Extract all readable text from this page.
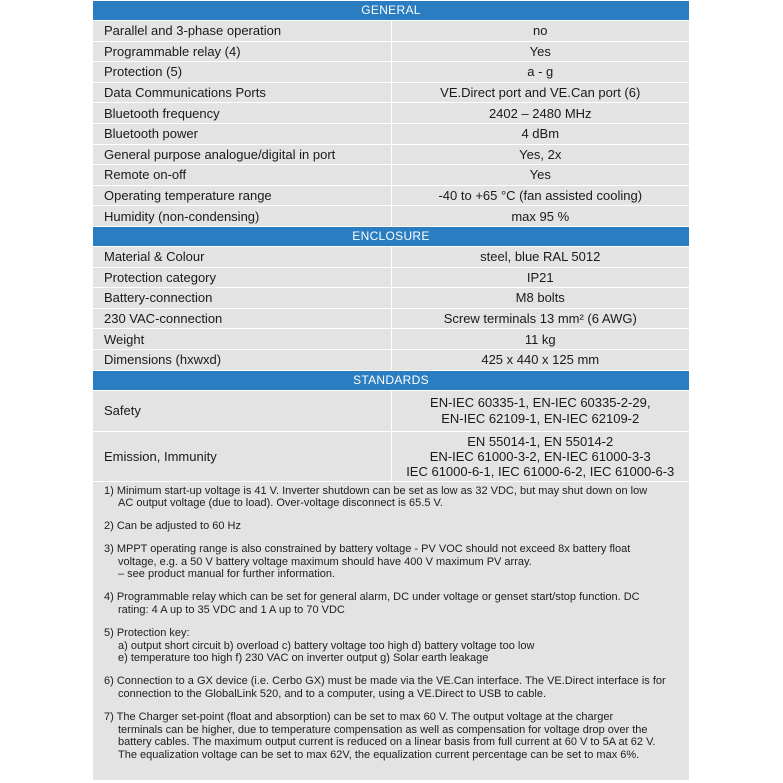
GENERAL	
Parallel and 3-phase operation	no
Programmable relay (4)	Yes
Protection (5)	a - g
Data Communications Ports	VE.Direct port and VE.Can port (6)
Bluetooth frequency	2402 – 2480 MHz
Bluetooth power	4 dBm
General purpose analogue/digital in port	Yes, 2x
Remote on-off	Yes
Operating temperature range	-40 to +65 °C (fan assisted cooling)
Humidity (non-condensing)	max 95 %
ENCLOSURE	
Material & Colour	steel, blue RAL 5012
Protection category	IP21
Battery-connection	M8 bolts
230 VAC-connection	Screw terminals 13 mm² (6 AWG)
Weight	11 kg
Dimensions (hxwxd)	425 x 440 x 125 mm
STANDARDS	
Safety	EN-IEC 60335-1, EN-IEC 60335-2-29,
EN-IEC 62109-1, EN-IEC 62109-2

Emission, Immunity	EN 55014-1, EN 55014-2
EN-IEC 61000-3-2, EN-IEC 61000-3-3
IEC 61000-6-1, IEC 61000-6-2, IEC 61000-6-3
1) Minimum start-up voltage is 41 V. Inverter shutdown can be set as low as 32 VDC, but may shut down on low
AC output voltage (due to load). Over-voltage disconnect is 65.5 V.
2) Can be adjusted to 60 Hz
3) MPPT operating range is also constrained by battery voltage - PV VOC should not exceed 8x battery float
voltage, e.g. a 50 V battery voltage maximum should have 400 V maximum PV array.
– see product manual for further information.
4) Programmable relay which can be set for general alarm, DC under voltage or genset start/stop function. DC
rating: 4 A up to 35 VDC and 1 A up to 70 VDC
5) Protection key:
a) output short circuit b) overload c) battery voltage too high d) battery voltage too low
e) temperature too high f) 230 VAC on inverter output g) Solar earth leakage
6) Connection to a GX device (i.e. Cerbo GX) must be made via the VE.Can interface. The VE.Direct interface is for
connection to the GlobalLink 520, and to a computer, using a VE.Direct to USB to cable.
7) The Charger set-point (float and absorption) can be set to max 60 V. The output voltage at the charger
terminals can be higher, due to temperature compensation as well as compensation for voltage drop over the
battery cables. The maximum output current is reduced on a linear basis from full current at 60 V to 5A at 62 V.
The equalization voltage can be set to max 62V, the equalization current percentage can be set to max 6%.
